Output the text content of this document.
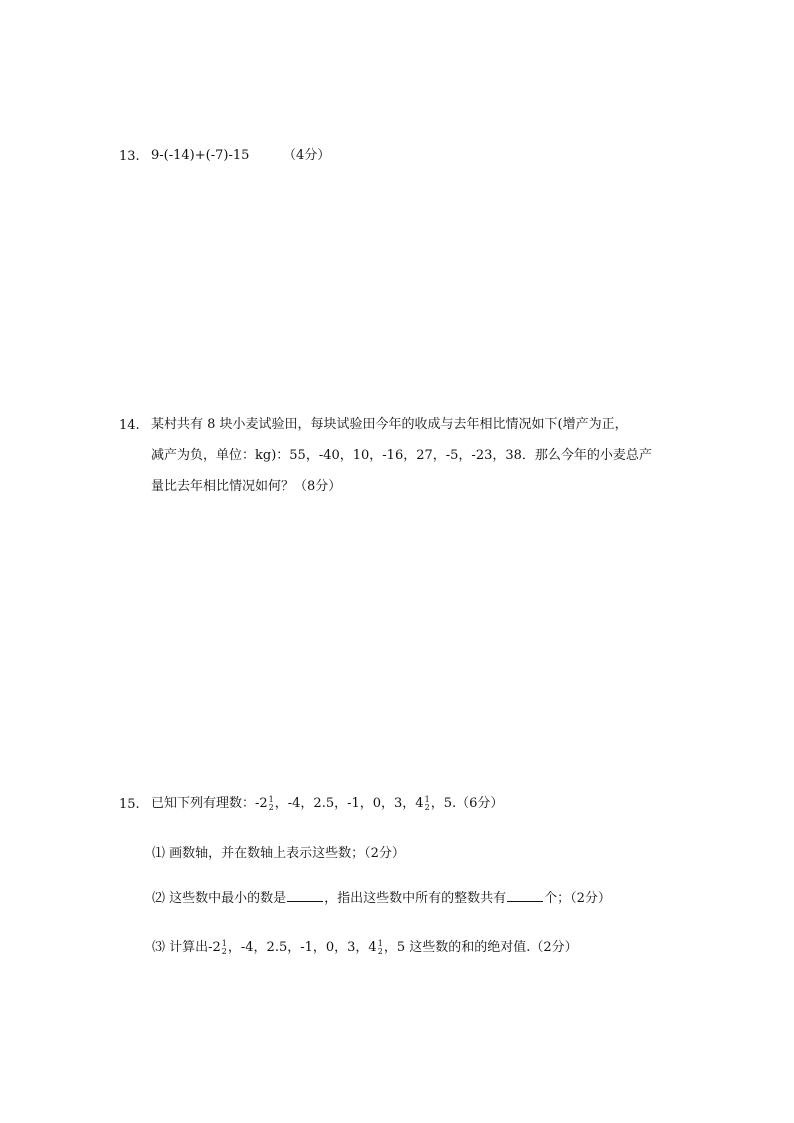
13. 9-(-14)+(-7)-15	（4分）
14. 某村共有 8 块小麦试验田，每块试验田今年的收成与去年相比情况如下(增产为正，
减产为负，单位：kg)：55，-40，10，-16，27，-5，-23，38．那么今年的小麦总产
量比去年相比情况如何？（8分）
15. 已知下列有理数：-2 1
2 ，-4，2.5，-1，0，3，4 1
2 ，5.（6分）
⑴ 画数轴，并在数轴上表示这些数；（2分）
⑵ 这些数中最小的数是	，指出这些数中所有的整数共有	个；（2分）
⑶ 计算出-2 1
2 ，-4，2.5，-1，0，3，4 1
2 ，5 这些数的和的绝对值.（2分）
